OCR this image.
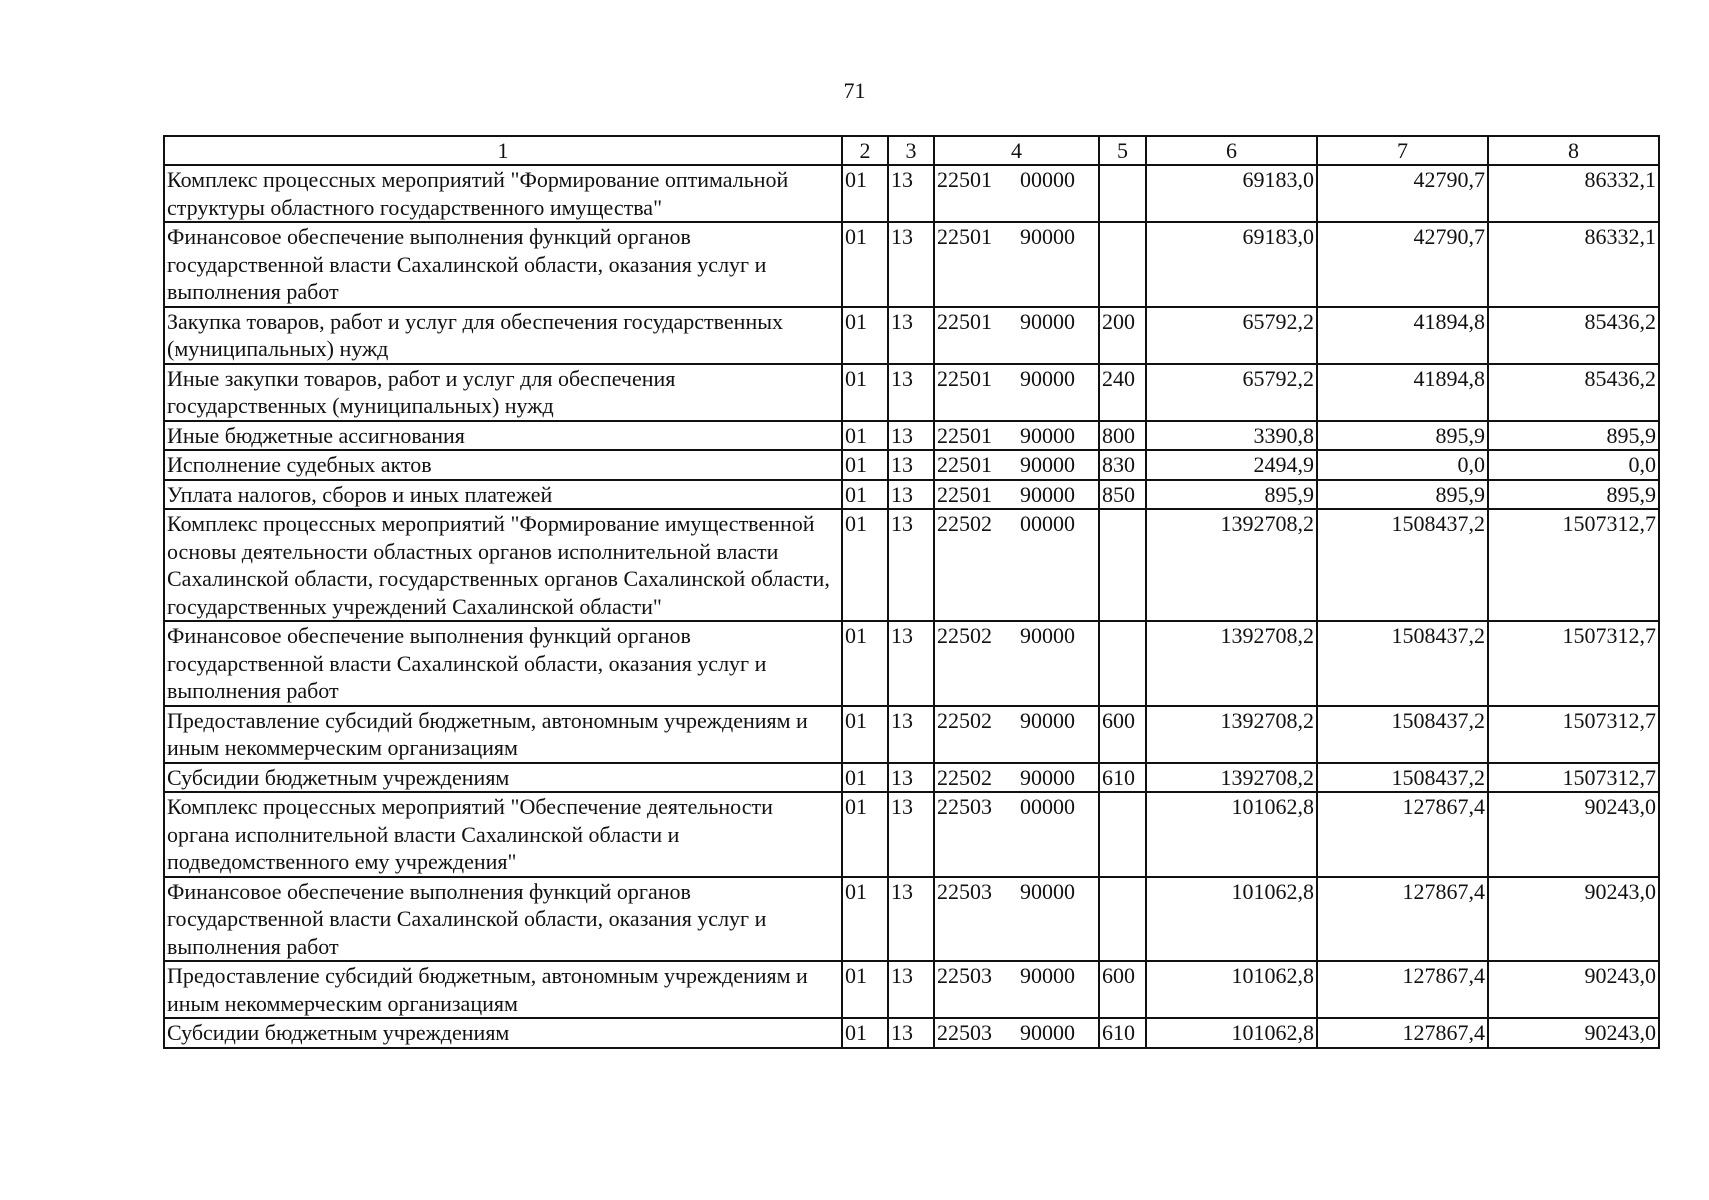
71
1	2	3	4	5	6	7	8
Комплекс процессных мероприятий "Формирование оптимальной структуры областного государственного имущества"	01	13	22501 00000		69183,0	42790,7	86332,1
Финансовое обеспечение выполнения функций органов государственной власти Сахалинской области, оказания услуг и выполнения работ	01	13	22501 90000		69183,0	42790,7	86332,1
Закупка товаров, работ и услуг для обеспечения государственных (муниципальных) нужд	01	13	22501 90000	200	65792,2	41894,8	85436,2
Иные закупки товаров, работ и услуг для обеспечения государственных (муниципальных) нужд	01	13	22501 90000	240	65792,2	41894,8	85436,2
Иные бюджетные ассигнования	01	13	22501 90000	800	3390,8	895,9	895,9
Исполнение судебных актов	01	13	22501 90000	830	2494,9	0,0	0,0
Уплата налогов, сборов и иных платежей	01	13	22501 90000	850	895,9	895,9	895,9
Комплекс процессных мероприятий "Формирование имущественной основы деятельности областных органов исполнительной власти Сахалинской области, государственных органов Сахалинской области, государственных учреждений Сахалинской области"	01	13	22502 00000		1392708,2	1508437,2	1507312,7
Финансовое обеспечение выполнения функций органов государственной власти Сахалинской области, оказания услуг и выполнения работ	01	13	22502 90000		1392708,2	1508437,2	1507312,7
Предоставление субсидий бюджетным, автономным учреждениям и иным некоммерческим организациям	01	13	22502 90000	600	1392708,2	1508437,2	1507312,7
Субсидии бюджетным учреждениям	01	13	22502 90000	610	1392708,2	1508437,2	1507312,7
Комплекс процессных мероприятий "Обеспечение деятельности органа исполнительной власти Сахалинской области и подведомственного ему учреждения"	01	13	22503 00000		101062,8	127867,4	90243,0
Финансовое обеспечение выполнения функций органов государственной власти Сахалинской области, оказания услуг и выполнения работ	01	13	22503 90000		101062,8	127867,4	90243,0
Предоставление субсидий бюджетным, автономным учреждениям и иным некоммерческим организациям	01	13	22503 90000	600	101062,8	127867,4	90243,0
Субсидии бюджетным учреждениям	01	13	22503 90000	610	101062,8	127867,4	90243,0
